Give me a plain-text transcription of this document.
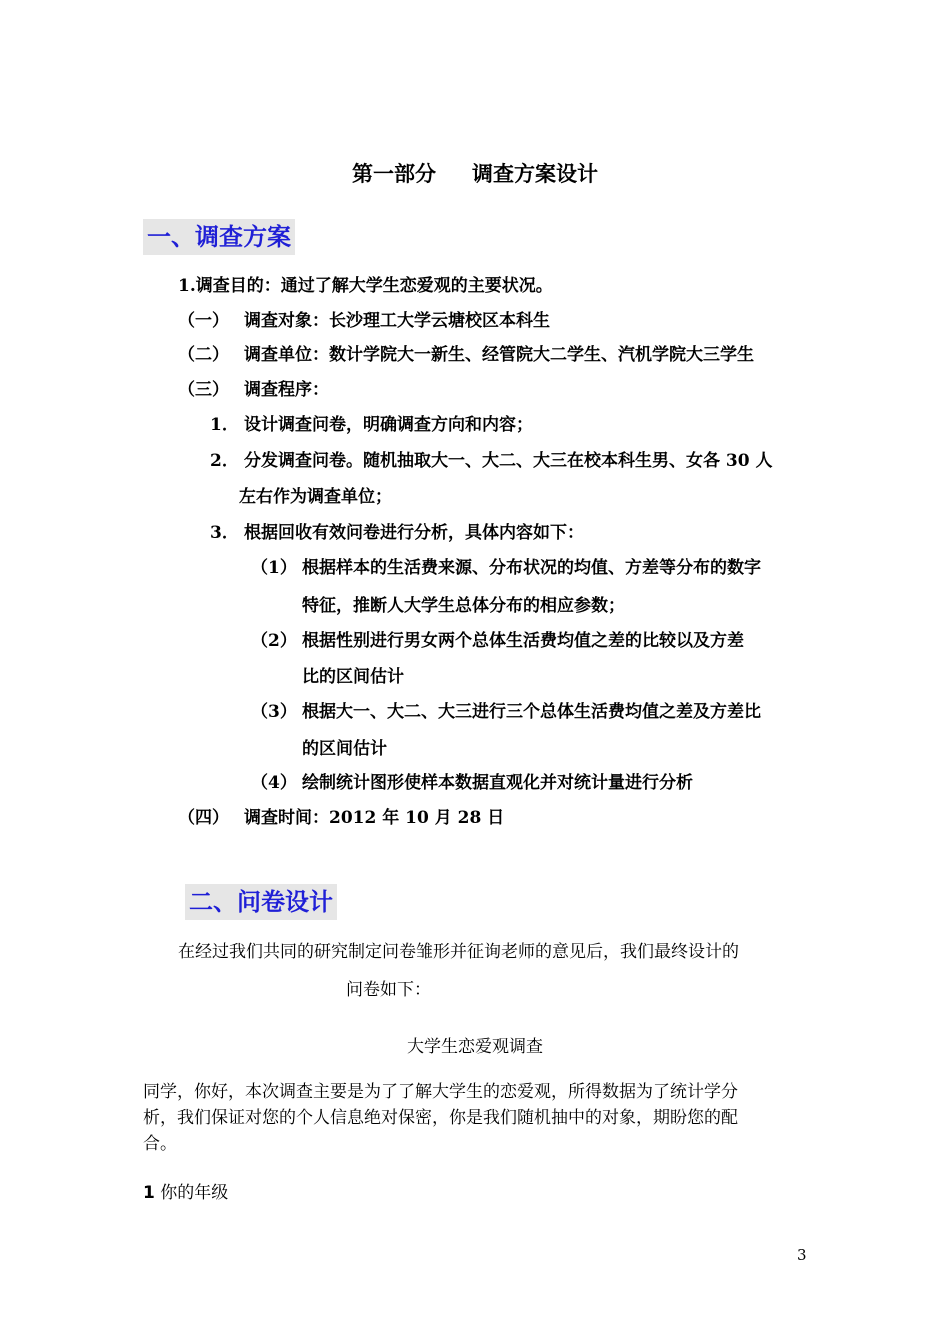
第一部分 调查方案设计
一、调查方案
1.调查目的：通过了解大学生恋爱观的主要状况。
（一） 调查对象：长沙理工大学云塘校区本科生
（二） 调查单位：数计学院大一新生、经管院大二学生、汽机学院大三学生
（三） 调查程序：
1． 设计调查问卷，明确调查方向和内容；
2． 分发调查问卷。随机抽取大一、大二、大三在校本科生男、女各 30 人
左右作为调查单位；
3． 根据回收有效问卷进行分析，具体内容如下：
（1） 根据样本的生活费来源、分布状况的均值、方差等分布的数字
特征，推断人大学生总体分布的相应参数；
（2） 根据性别进行男女两个总体生活费均值之差的比较以及方差
比的区间估计
（3） 根据大一、大二、大三进行三个总体生活费均值之差及方差比
的区间估计
（4） 绘制统计图形使样本数据直观化并对统计量进行分析
（四） 调查时间：2012 年 10 月 28 日
二、问卷设计
在经过我们共同的研究制定问卷雏形并征询老师的意见后，我们最终设计的
问卷如下：
大学生恋爱观调查
同学，你好，本次调查主要是为了了解大学生的恋爱观，所得数据为了统计学分
析，我们保证对您的个人信息绝对保密，你是我们随机抽中的对象，期盼您的配
合。
1 你的年级
3
